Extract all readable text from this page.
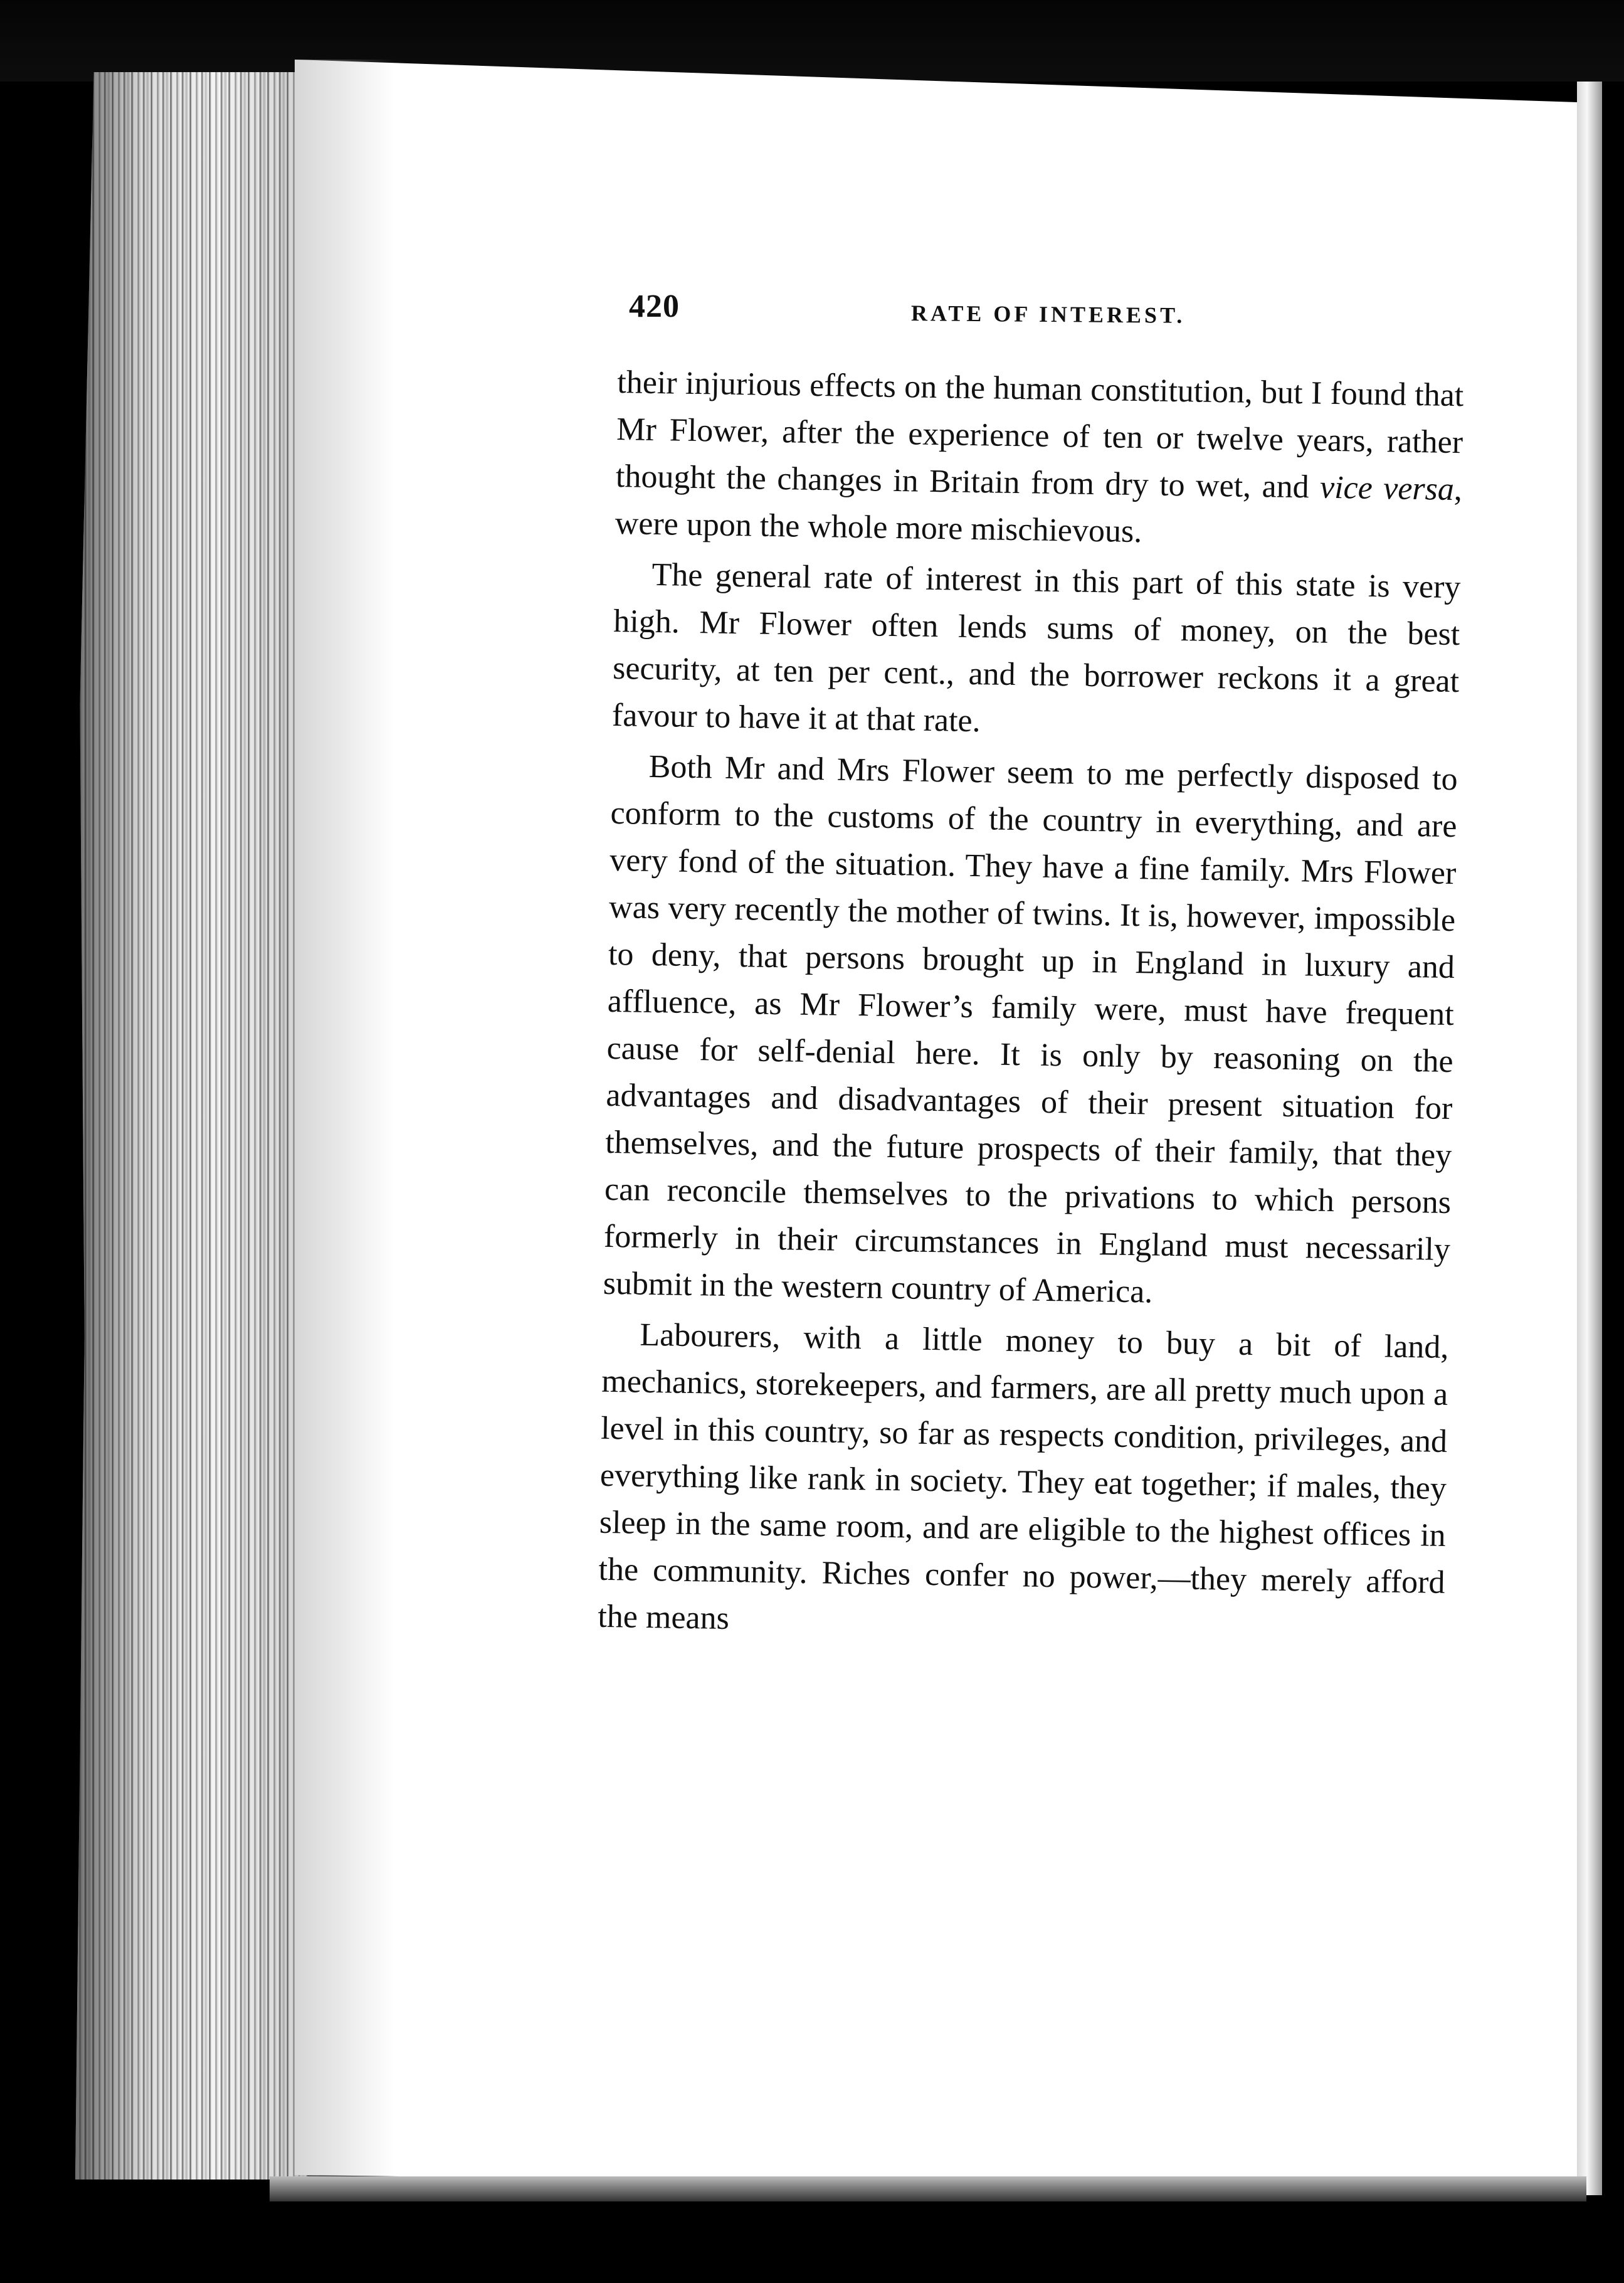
420	RATE OF INTEREST.

their injurious effects on the human constitution, but I found that Mr Flower, after the experience of ten or twelve years, rather thought the changes in Britain from dry to wet, and vice versa, were upon the whole more mischievous.

The general rate of interest in this part of this state is very high. Mr Flower often lends sums of money, on the best security, at ten per cent., and the borrower reckons it a great favour to have it at that rate.

Both Mr and Mrs Flower seem to me perfectly disposed to conform to the customs of the country in everything, and are very fond of the situation. They have a fine family. Mrs Flower was very recently the mother of twins. It is, however, impossible to deny, that persons brought up in England in luxury and affluence, as Mr Flower’s family were, must have frequent cause for self-denial here. It is only by reasoning on the advantages and disadvantages of their present situation for themselves, and the future prospects of their family, that they can reconcile themselves to the privations to which persons formerly in their circumstances in England must necessarily submit in the western country of America.

Labourers, with a little money to buy a bit of land, mechanics, storekeepers, and farmers, are all pretty much upon a level in this country, so far as respects condition, privileges, and everything like rank in society. They eat together; if males, they sleep in the same room, and are eligible to the highest offices in the community. Riches confer no power,—they merely afford the means
